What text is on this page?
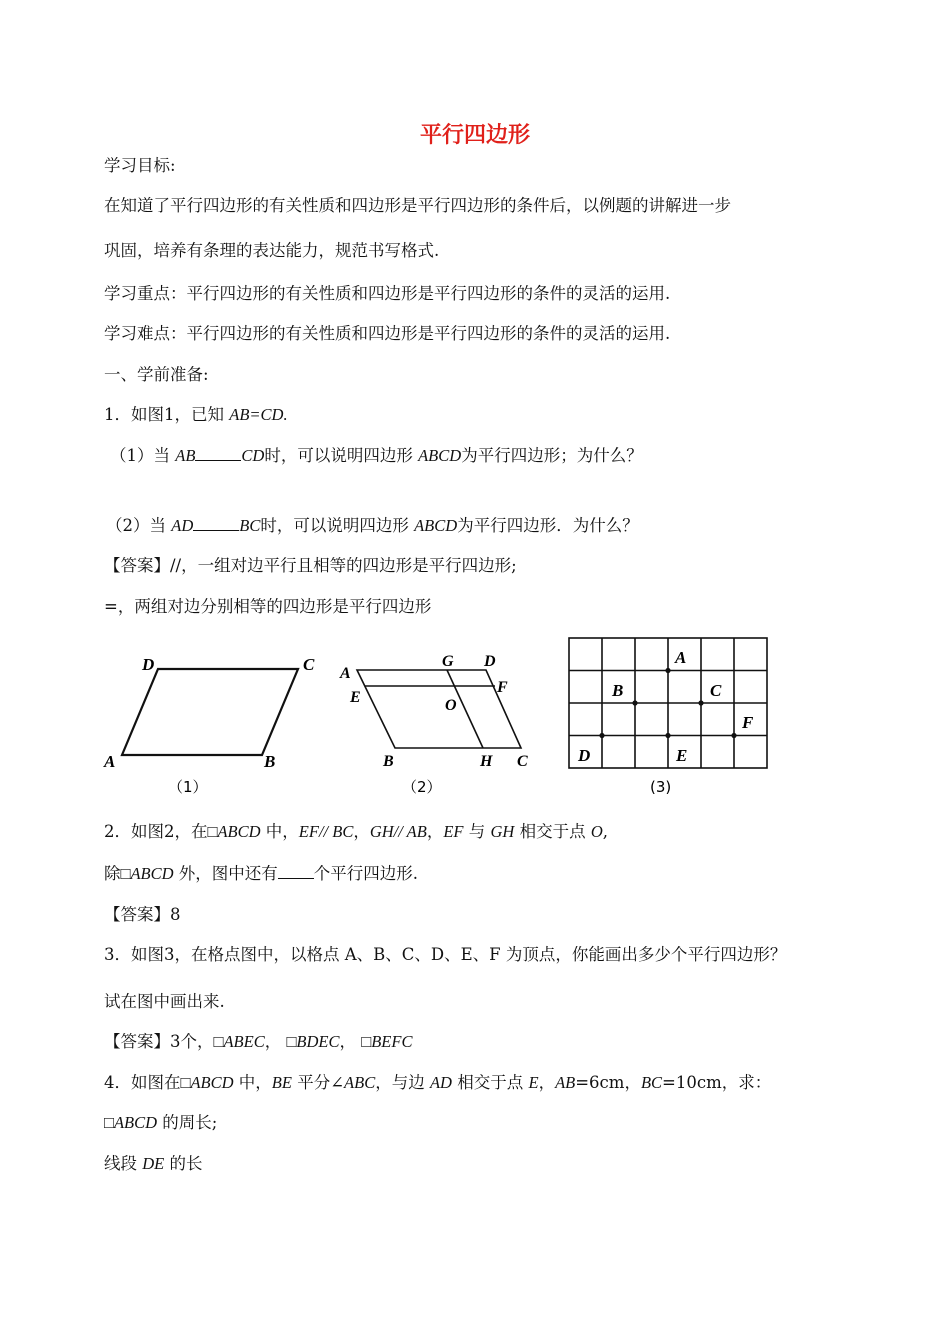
平行四边形
学习目标:
在知道了平行四边形的有关性质和四边形是平行四边形的条件后，以例题的讲解进一步
巩固，培养有条理的表达能力，规范书写格式.
学习重点：平行四边形的有关性质和四边形是平行四边形的条件的灵活的运用.
学习难点：平行四边形的有关性质和四边形是平行四边形的条件的灵活的运用.
一、学前准备:
1．如图1，已知 AB=CD.
（1）当 AB	CD时，可以说明四边形 ABCD为平行四边形；为什么？
（2）当 AD	BC时，可以说明四边形 ABCD为平行四边形．为什么？
【答案】//，一组对边平行且相等的四边形是平行四边形;
=，两组对边分别相等的四边形是平行四边形
D	C
A	B
（1）
A
G D
E
F
O
B	H C
（2）
A
B	C
F
D	E
(3)
2．如图2，在□ABCD 中，EF// BC，GH// AB，EF 与 GH 相交于点 O,
除□ABCD 外，图中还有 个平行四边形.
【答案】8
3．如图3，在格点图中，以格点 A、B、C、D、E、F 为顶点，你能画出多少个平行四边形？
试在图中画出来.
【答案】3个，□ABEC， □BDEC， □BEFC
4．如图在□ABCD 中，BE 平分∠ABC，与边 AD 相交于点 E，AB=6cm，BC=10cm，求：
□ABCD 的周长;
线段 DE 的长
